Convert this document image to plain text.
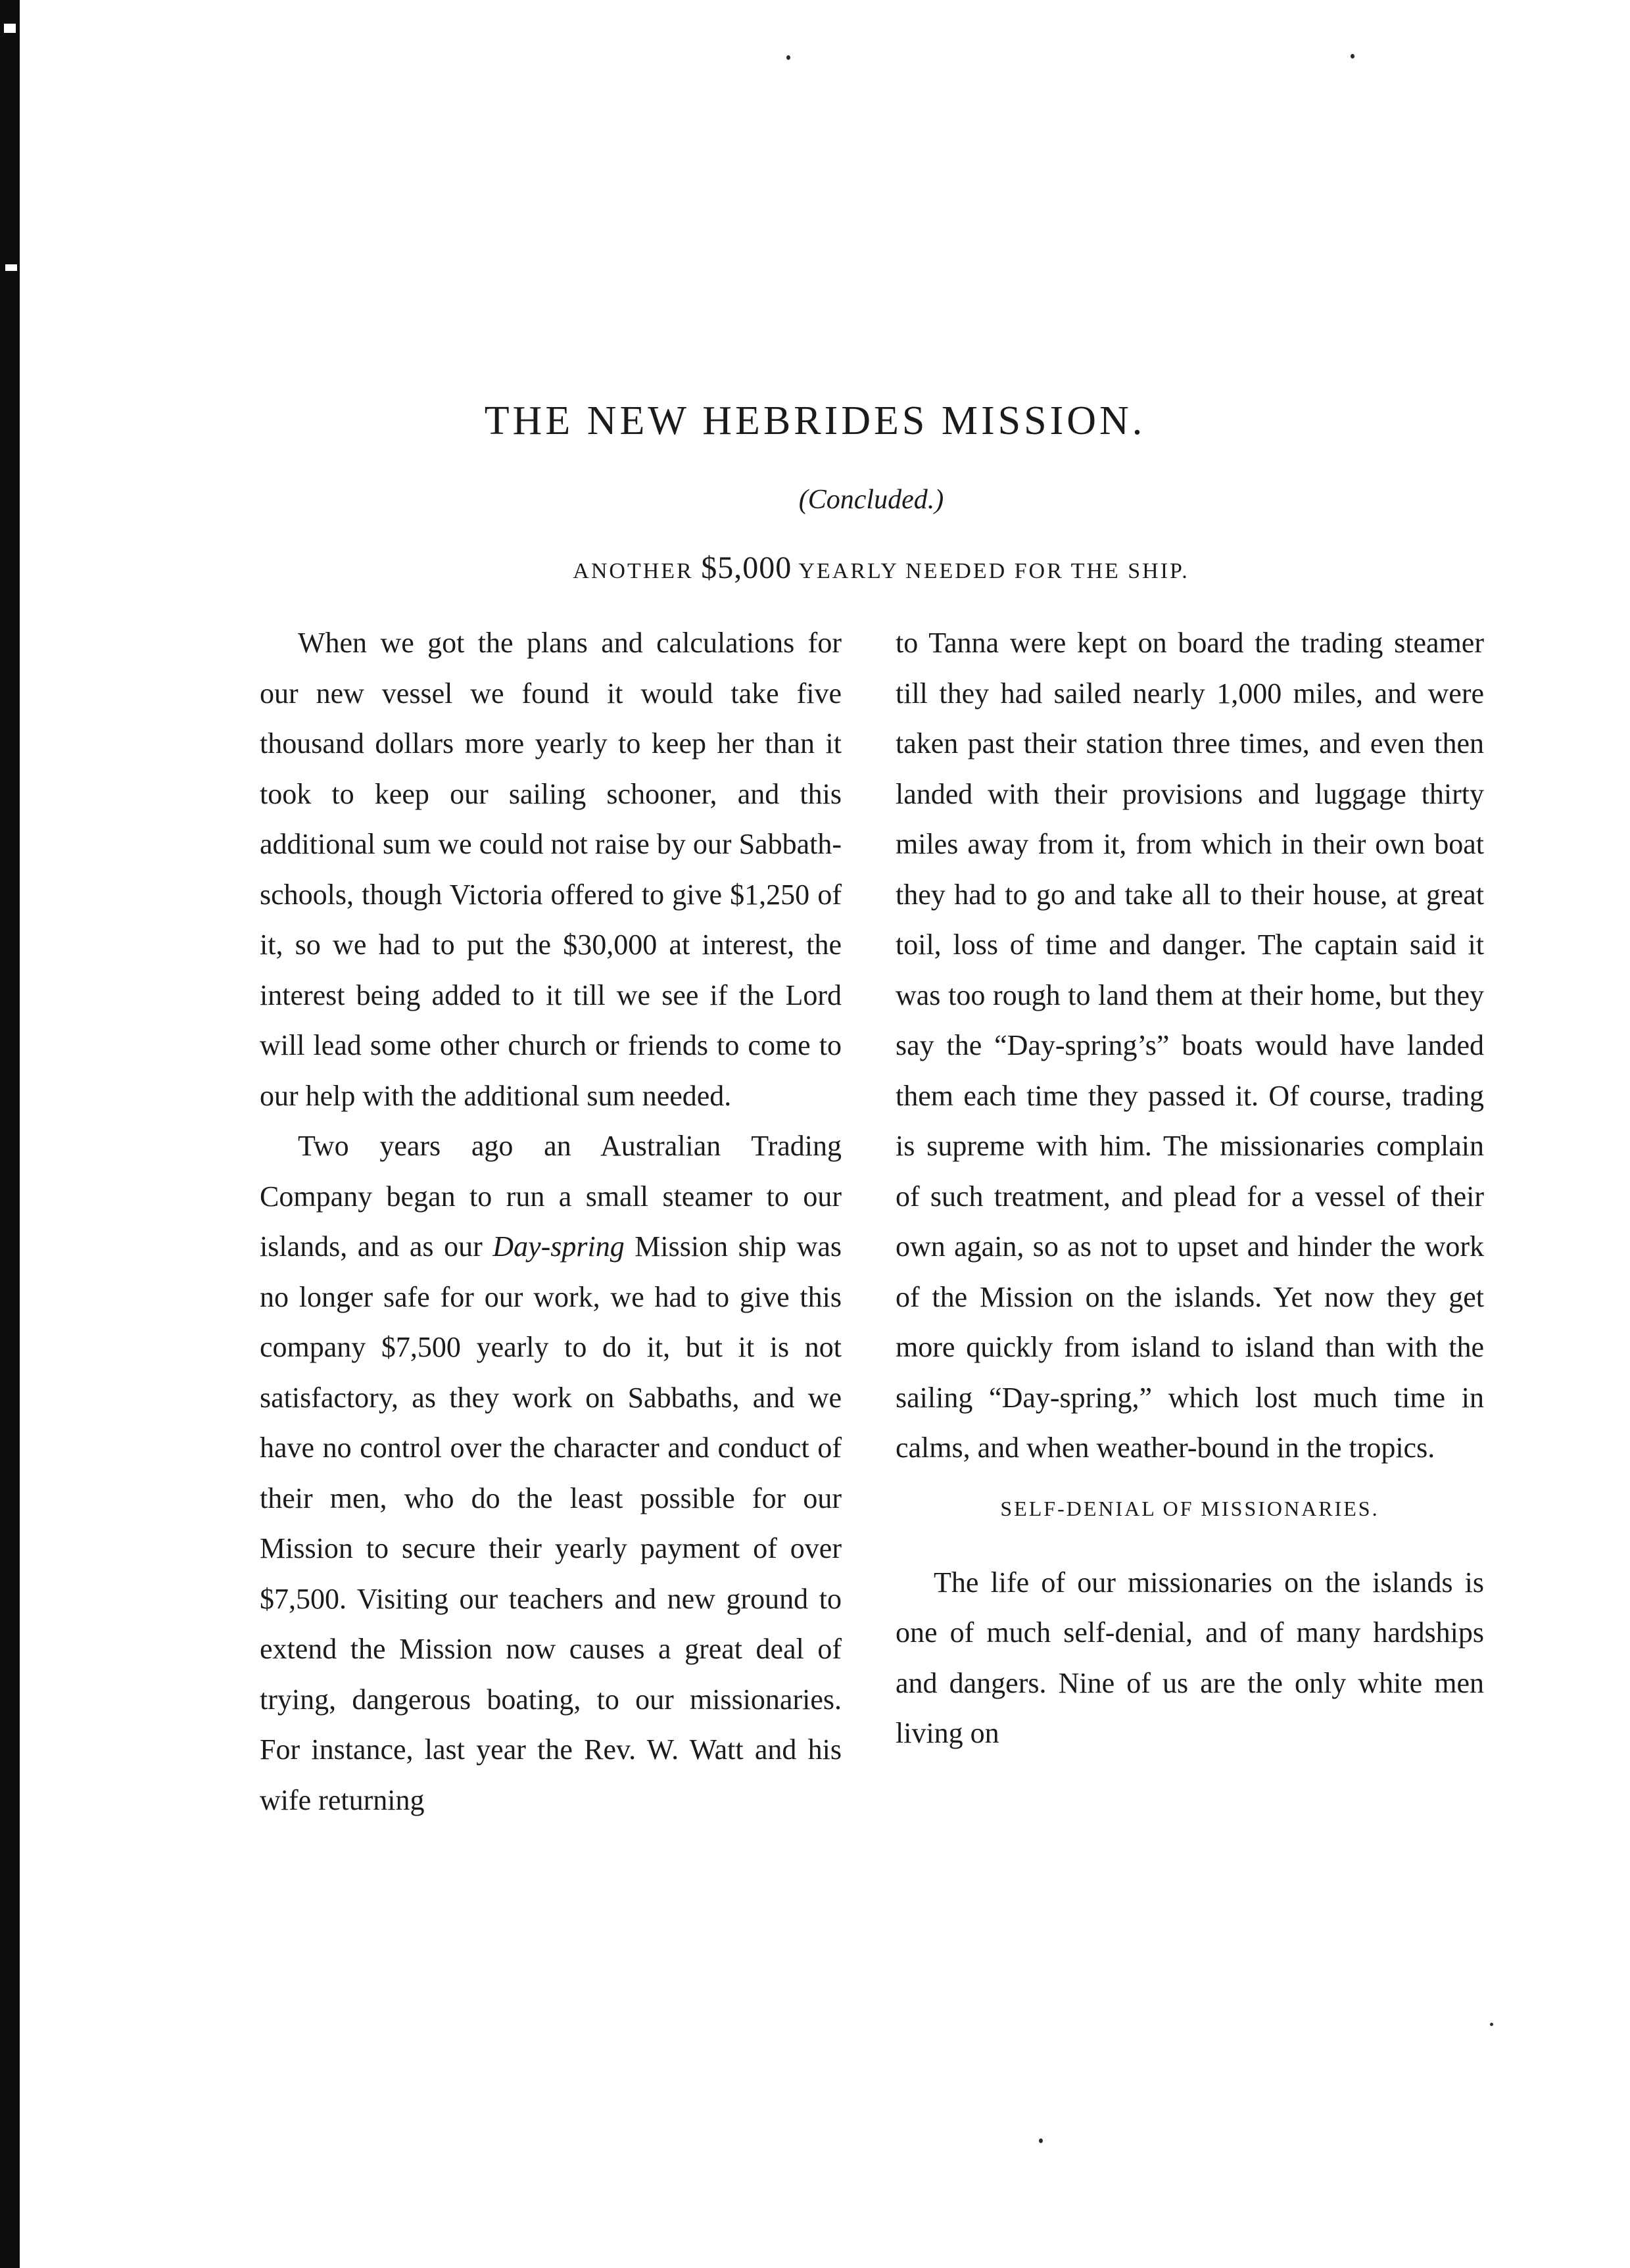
THE NEW HEBRIDES MISSION.
(Concluded.)
ANOTHER $5,000 YEARLY NEEDED FOR THE SHIP.

When we got the plans and calculations for our new vessel we found it would take five thousand dollars more yearly to keep her than it took to keep our sailing schooner, and this additional sum we could not raise by our Sabbath-schools, though Victoria offered to give $1,250 of it, so we had to put the $30,000 at interest, the interest being added to it till we see if the Lord will lead some other church or friends to come to our help with the additional sum needed.

Two years ago an Australian Trading Company began to run a small steamer to our islands, and as our Day-spring Mission ship was no longer safe for our work, we had to give this company $7,500 yearly to do it, but it is not satisfactory, as they work on Sabbaths, and we have no control over the character and conduct of their men, who do the least possible for our Mission to secure their yearly payment of over $7,500. Visiting our teachers and new ground to extend the Mission now causes a great deal of trying, dangerous boating, to our missionaries. For instance, last year the Rev. W. Watt and his wife returning

to Tanna were kept on board the trading steamer till they had sailed nearly 1,000 miles, and were taken past their station three times, and even then landed with their provisions and luggage thirty miles away from it, from which in their own boat they had to go and take all to their house, at great toil, loss of time and danger. The captain said it was too rough to land them at their home, but they say the “Day-spring’s” boats would have landed them each time they passed it. Of course, trading is supreme with him. The missionaries complain of such treatment, and plead for a vessel of their own again, so as not to upset and hinder the work of the Mission on the islands. Yet now they get more quickly from island to island than with the sailing “Day-spring,” which lost much time in calms, and when weather-bound in the tropics.

SELF-DENIAL OF MISSIONARIES.

The life of our missionaries on the islands is one of much self-denial, and of many hardships and dangers. Nine of us are the only white men living on
